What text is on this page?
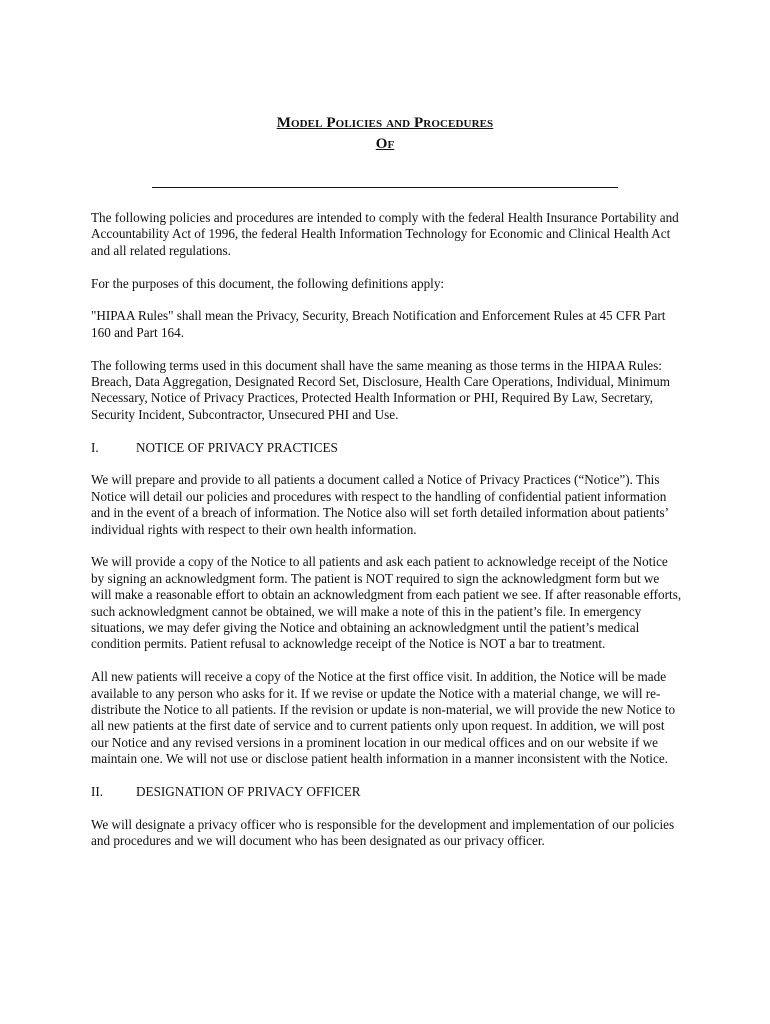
Model Policies and Procedures
Of

The following policies and procedures are intended to comply with the federal Health Insurance Portability and Accountability Act of 1996, the federal Health Information Technology for Economic and Clinical Health Act and all related regulations.

For the purposes of this document, the following definitions apply:

"HIPAA Rules" shall mean the Privacy, Security, Breach Notification and Enforcement Rules at 45 CFR Part 160 and Part 164.

The following terms used in this document shall have the same meaning as those terms in the HIPAA Rules: Breach, Data Aggregation, Designated Record Set, Disclosure, Health Care Operations, Individual, Minimum Necessary, Notice of Privacy Practices, Protected Health Information or PHI, Required By Law, Secretary, Security Incident, Subcontractor, Unsecured PHI and Use.

I.	NOTICE OF PRIVACY PRACTICES

We will prepare and provide to all patients a document called a Notice of Privacy Practices (“Notice”). This Notice will detail our policies and procedures with respect to the handling of confidential patient information and in the event of a breach of information. The Notice also will set forth detailed information about patients’ individual rights with respect to their own health information.

We will provide a copy of the Notice to all patients and ask each patient to acknowledge receipt of the Notice by signing an acknowledgment form. The patient is NOT required to sign the acknowledgment form but we will make a reasonable effort to obtain an acknowledgment from each patient we see. If after reasonable efforts, such acknowledgment cannot be obtained, we will make a note of this in the patient’s file. In emergency situations, we may defer giving the Notice and obtaining an acknowledgment until the patient’s medical condition permits. Patient refusal to acknowledge receipt of the Notice is NOT a bar to treatment.

All new patients will receive a copy of the Notice at the first office visit. In addition, the Notice will be made available to any person who asks for it. If we revise or update the Notice with a material change, we will re-distribute the Notice to all patients. If the revision or update is non-material, we will provide the new Notice to all new patients at the first date of service and to current patients only upon request. In addition, we will post our Notice and any revised versions in a prominent location in our medical offices and on our website if we maintain one. We will not use or disclose patient health information in a manner inconsistent with the Notice.

II.	DESIGNATION OF PRIVACY OFFICER

We will designate a privacy officer who is responsible for the development and implementation of our policies and procedures and we will document who has been designated as our privacy officer.
